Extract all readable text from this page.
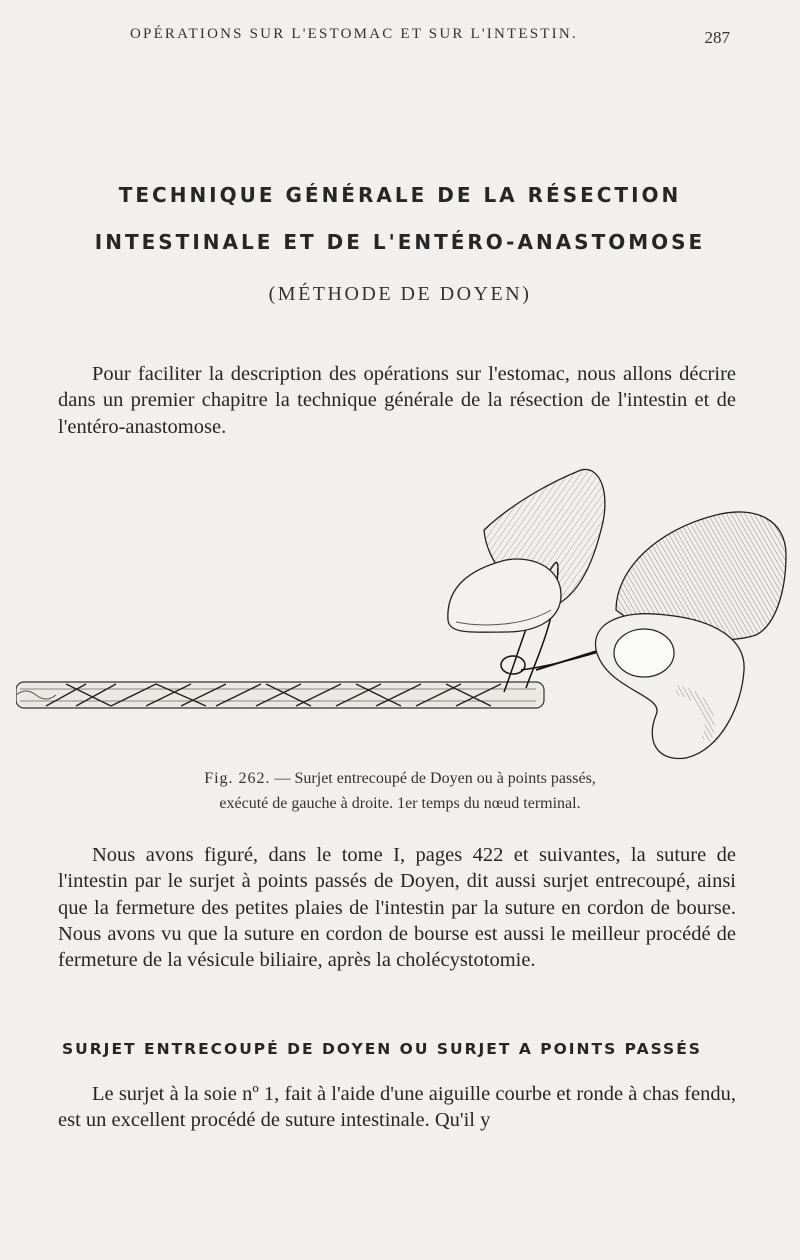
OPÉRATIONS SUR L'ESTOMAC ET SUR L'INTESTIN.	287
TECHNIQUE GÉNÉRALE DE LA RÉSECTION
INTESTINALE ET DE L'ENTÉRO-ANASTOMOSE
(MÉTHODE DE DOYEN)

Pour faciliter la description des opérations sur l'estomac, nous allons décrire dans un premier chapitre la technique générale de la résection de l'intestin et de l'entéro-anastomose.

Fig. 262. — Surjet entrecoupé de Doyen ou à points passés,
exécuté de gauche à droite. 1er temps du nœud terminal.

Nous avons figuré, dans le tome I, pages 422 et suivantes, la suture de l'intestin par le surjet à points passés de Doyen, dit aussi surjet entrecoupé, ainsi que la fermeture des petites plaies de l'intestin par la suture en cordon de bourse. Nous avons vu que la suture en cordon de bourse est aussi le meilleur procédé de fermeture de la vésicule biliaire, après la cholécystotomie.

SURJET ENTRECOUPÉ DE DOYEN OU SURJET A POINTS PASSÉS

Le surjet à la soie nº 1, fait à l'aide d'une aiguille courbe et ronde à chas fendu, est un excellent procédé de suture intestinale. Qu'il y
